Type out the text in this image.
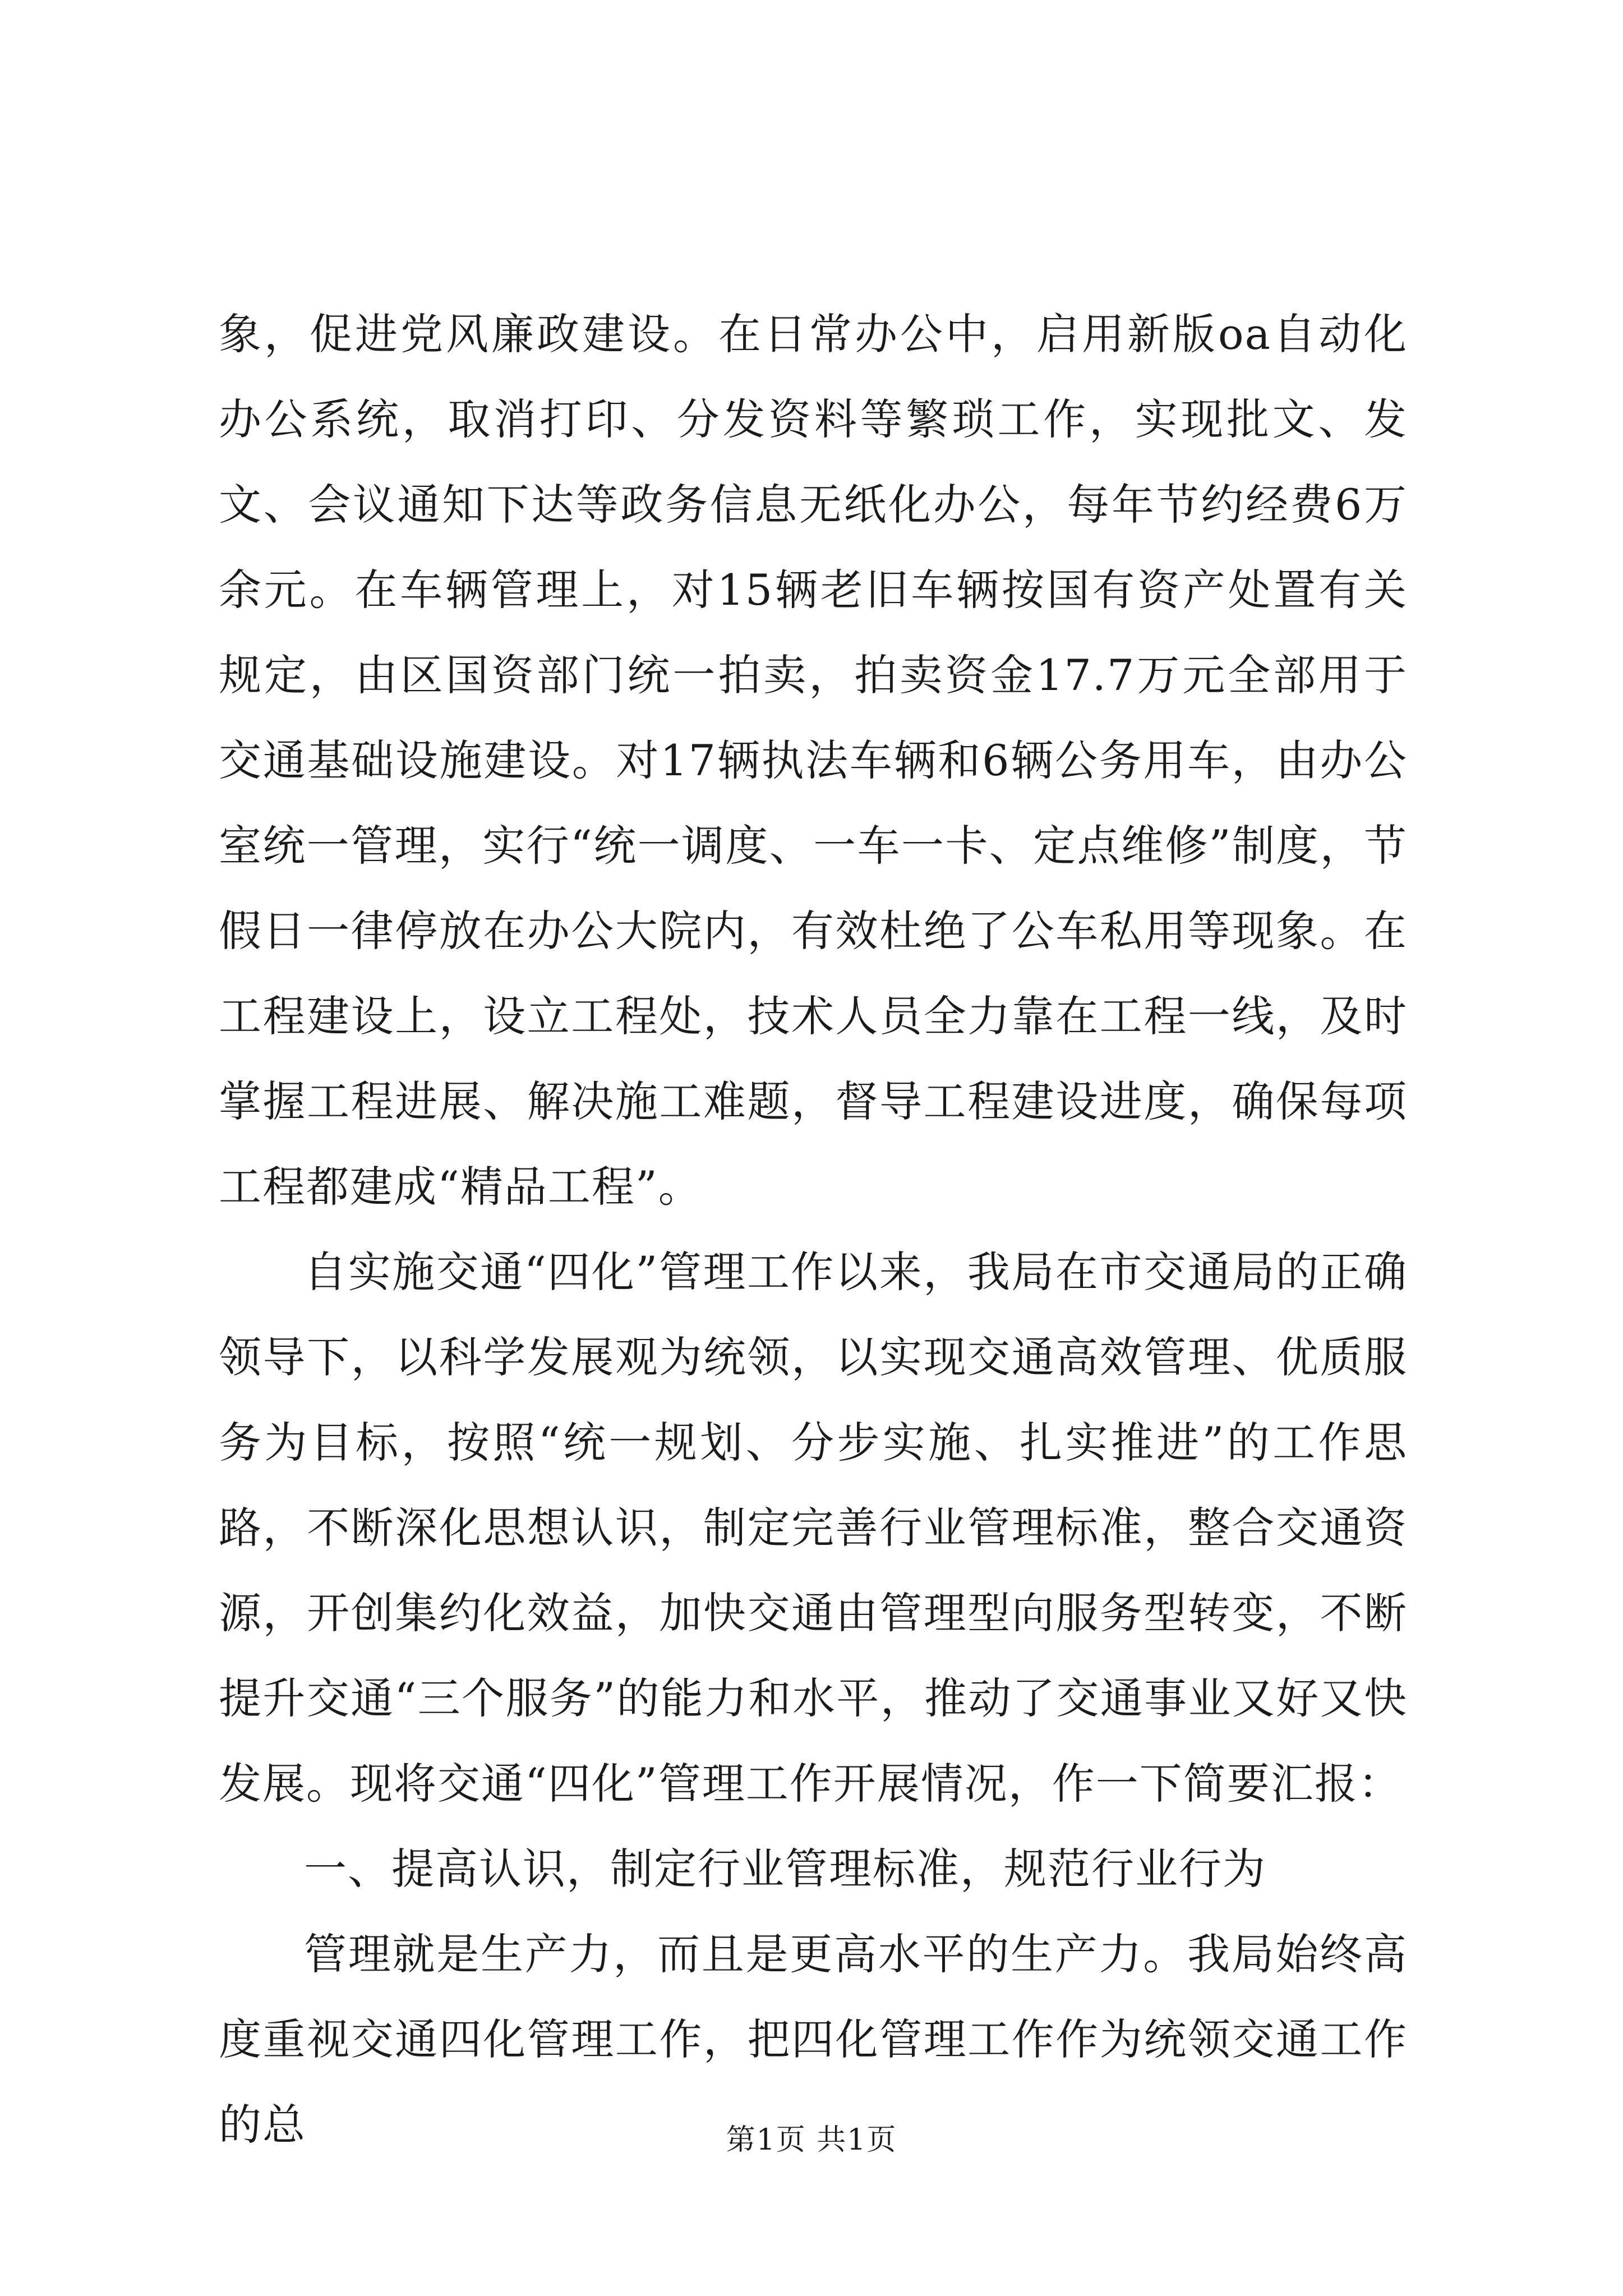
象，促进党风廉政建设。在日常办公中，启用新版oa自动化办公系统，取消打印、分发资料等繁琐工作，实现批文、发文、会议通知下达等政务信息无纸化办公，每年节约经费6万余元。在车辆管理上，对15辆老旧车辆按国有资产处置有关规定，由区国资部门统一拍卖，拍卖资金17.7万元全部用于交通基础设施建设。对17辆执法车辆和6辆公务用车，由办公室统一管理，实行“统一调度、一车一卡、定点维修”制度，节假日一律停放在办公大院内，有效杜绝了公车私用等现象。在工程建设上，设立工程处，技术人员全力靠在工程一线，及时掌握工程进展、解决施工难题，督导工程建设进度，确保每项工程都建成“精品工程”。

自实施交通“四化”管理工作以来，我局在市交通局的正确领导下，以科学发展观为统领，以实现交通高效管理、优质服务为目标，按照“统一规划、分步实施、扎实推进”的工作思路，不断深化思想认识，制定完善行业管理标准，整合交通资源，开创集约化效益，加快交通由管理型向服务型转变，不断提升交通“三个服务”的能力和水平，推动了交通事业又好又快发展。现将交通“四化”管理工作开展情况，作一下简要汇报：

一、提高认识，制定行业管理标准，规范行业行为

管理就是生产力，而且是更高水平的生产力。我局始终高度重视交通四化管理工作，把四化管理工作作为统领交通工作的总	第1页 共1页
